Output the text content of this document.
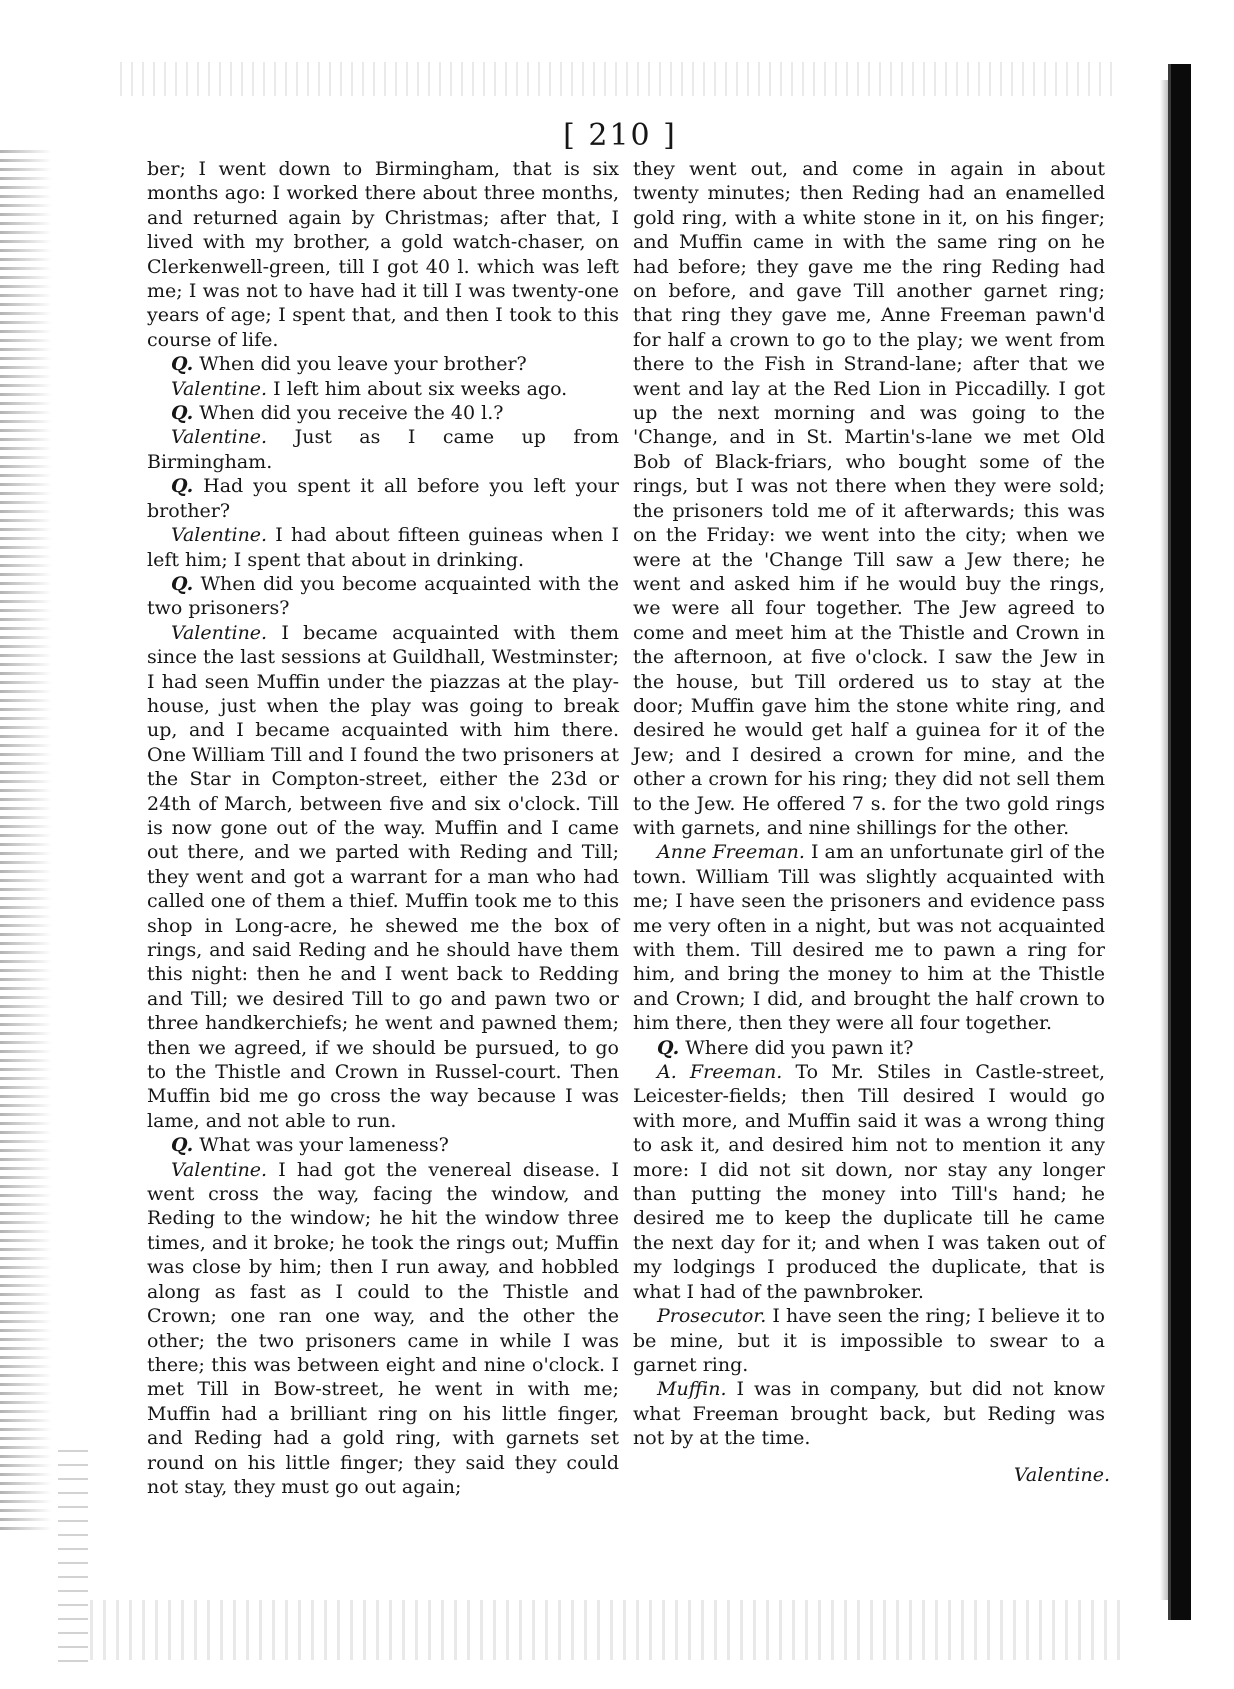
[ 210 ]

ber; I went down to Birmingham, that is six months ago: I worked there about three months, and returned again by Christmas; after that, I lived with my brother, a gold watch-chaser, on Clerkenwell-green, till I got 40 l. which was left me; I was not to have had it till I was twenty-one years of age; I spent that, and then I took to this course of life.

Q. When did you leave your brother?

Valentine. I left him about six weeks ago.

Q. When did you receive the 40 l.?

Valentine. Just as I came up from Birmingham.

Q. Had you spent it all before you left your brother?

Valentine. I had about fifteen guineas when I left him; I spent that about in drinking.

Q. When did you become acquainted with the two prisoners?

Valentine. I became acquainted with them since the last sessions at Guildhall, Westminster; I had seen Muffin under the piazzas at the play-house, just when the play was going to break up, and I became acquainted with him there. One William Till and I found the two prisoners at the Star in Compton-street, either the 23d or 24th of March, between five and six o'clock. Till is now gone out of the way. Muffin and I came out there, and we parted with Reding and Till; they went and got a warrant for a man who had called one of them a thief. Muffin took me to this shop in Long-acre, he shewed me the box of rings, and said Reding and he should have them this night: then he and I went back to Redding and Till; we desired Till to go and pawn two or three handkerchiefs; he went and pawned them; then we agreed, if we should be pursued, to go to the Thistle and Crown in Russel-court. Then Muffin bid me go cross the way because I was lame, and not able to run.

Q. What was your lameness?

Valentine. I had got the venereal disease. I went cross the way, facing the window, and Reding to the window; he hit the window three times, and it broke; he took the rings out; Muffin was close by him; then I run away, and hobbled along as fast as I could to the Thistle and Crown; one ran one way, and the other the other; the two prisoners came in while I was there; this was between eight and nine o'clock. I met Till in Bow-street, he went in with me; Muffin had a brilliant ring on his little finger, and Reding had a gold ring, with garnets set round on his little finger; they said they could not stay, they must go out again;

they went out, and come in again in about twenty minutes; then Reding had an enamelled gold ring, with a white stone in it, on his finger; and Muffin came in with the same ring on he had before; they gave me the ring Reding had on before, and gave Till another garnet ring; that ring they gave me, Anne Freeman pawn'd for half a crown to go to the play; we went from there to the Fish in Strand-lane; after that we went and lay at the Red Lion in Piccadilly. I got up the next morning and was going to the 'Change, and in St. Martin's-lane we met Old Bob of Black-friars, who bought some of the rings, but I was not there when they were sold; the prisoners told me of it afterwards; this was on the Friday: we went into the city; when we were at the 'Change Till saw a Jew there; he went and asked him if he would buy the rings, we were all four together. The Jew agreed to come and meet him at the Thistle and Crown in the afternoon, at five o'clock. I saw the Jew in the house, but Till ordered us to stay at the door; Muffin gave him the stone white ring, and desired he would get half a guinea for it of the Jew; and I desired a crown for mine, and the other a crown for his ring; they did not sell them to the Jew. He offered 7 s. for the two gold rings with garnets, and nine shillings for the other.

Anne Freeman. I am an unfortunate girl of the town. William Till was slightly acquainted with me; I have seen the prisoners and evidence pass me very often in a night, but was not acquainted with them. Till desired me to pawn a ring for him, and bring the money to him at the Thistle and Crown; I did, and brought the half crown to him there, then they were all four together.

Q. Where did you pawn it?

A. Freeman. To Mr. Stiles in Castle-street, Leicester-fields; then Till desired I would go with more, and Muffin said it was a wrong thing to ask it, and desired him not to mention it any more: I did not sit down, nor stay any longer than putting the money into Till's hand; he desired me to keep the duplicate till he came the next day for it; and when I was taken out of my lodgings I produced the duplicate, that is what I had of the pawnbroker.

Prosecutor. I have seen the ring; I believe it to be mine, but it is impossible to swear to a garnet ring.

Muffin. I was in company, but did not know what Freeman brought back, but Reding was not by at the time.

Valentine.
